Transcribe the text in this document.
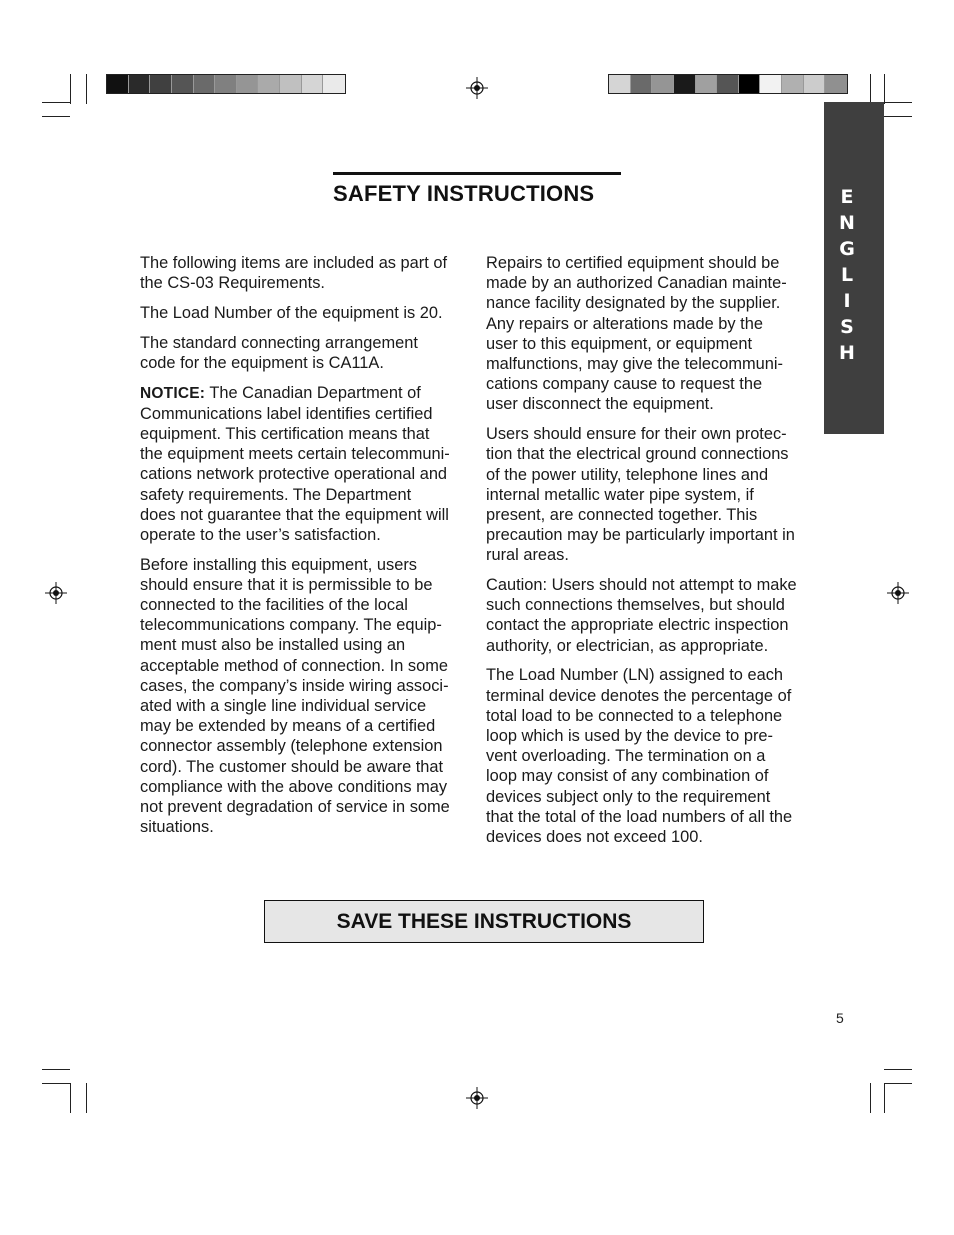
E
N
G
L
I
S
H
SAFETY INSTRUCTIONS

The following items are included as part of
the CS-03 Requirements.

The Load Number of the equipment is 20.

The standard connecting arrangement
code for the equipment is CA11A.

NOTICE: The Canadian Department of
Communications label identifies certified
equipment. This certification means that
the equipment meets certain telecommuni-
cations network protective operational and
safety requirements. The Department
does not guarantee that the equipment will
operate to the user’s satisfaction.

Before installing this equipment, users
should ensure that it is permissible to be
connected to the facilities of the local
telecommunications company. The equip-
ment must also be installed using an
acceptable method of connection. In some
cases, the company’s inside wiring associ-
ated with a single line individual service
may be extended by means of a certified
connector assembly (telephone extension
cord). The customer should be aware that
compliance with the above conditions may
not prevent degradation of service in some
situations.

Repairs to certified equipment should be
made by an authorized Canadian mainte-
nance facility designated by the supplier.
Any repairs or alterations made by the
user to this equipment, or equipment
malfunctions, may give the telecommuni-
cations company cause to request the
user disconnect the equipment.

Users should ensure for their own protec-
tion that the electrical ground connections
of the power utility, telephone lines and
internal metallic water pipe system, if
present, are connected together. This
precaution may be particularly important in
rural areas.

Caution: Users should not attempt to make
such connections themselves, but should
contact the appropriate electric inspection
authority, or electrician, as appropriate.

The Load Number (LN) assigned to each
terminal device denotes the percentage of
total load to be connected to a telephone
loop which is used by the device to pre-
vent overloading. The termination on a
loop may consist of any combination of
devices subject only to the requirement
that the total of the load numbers of all the
devices does not exceed 100.

SAVE THESE INSTRUCTIONS
5
